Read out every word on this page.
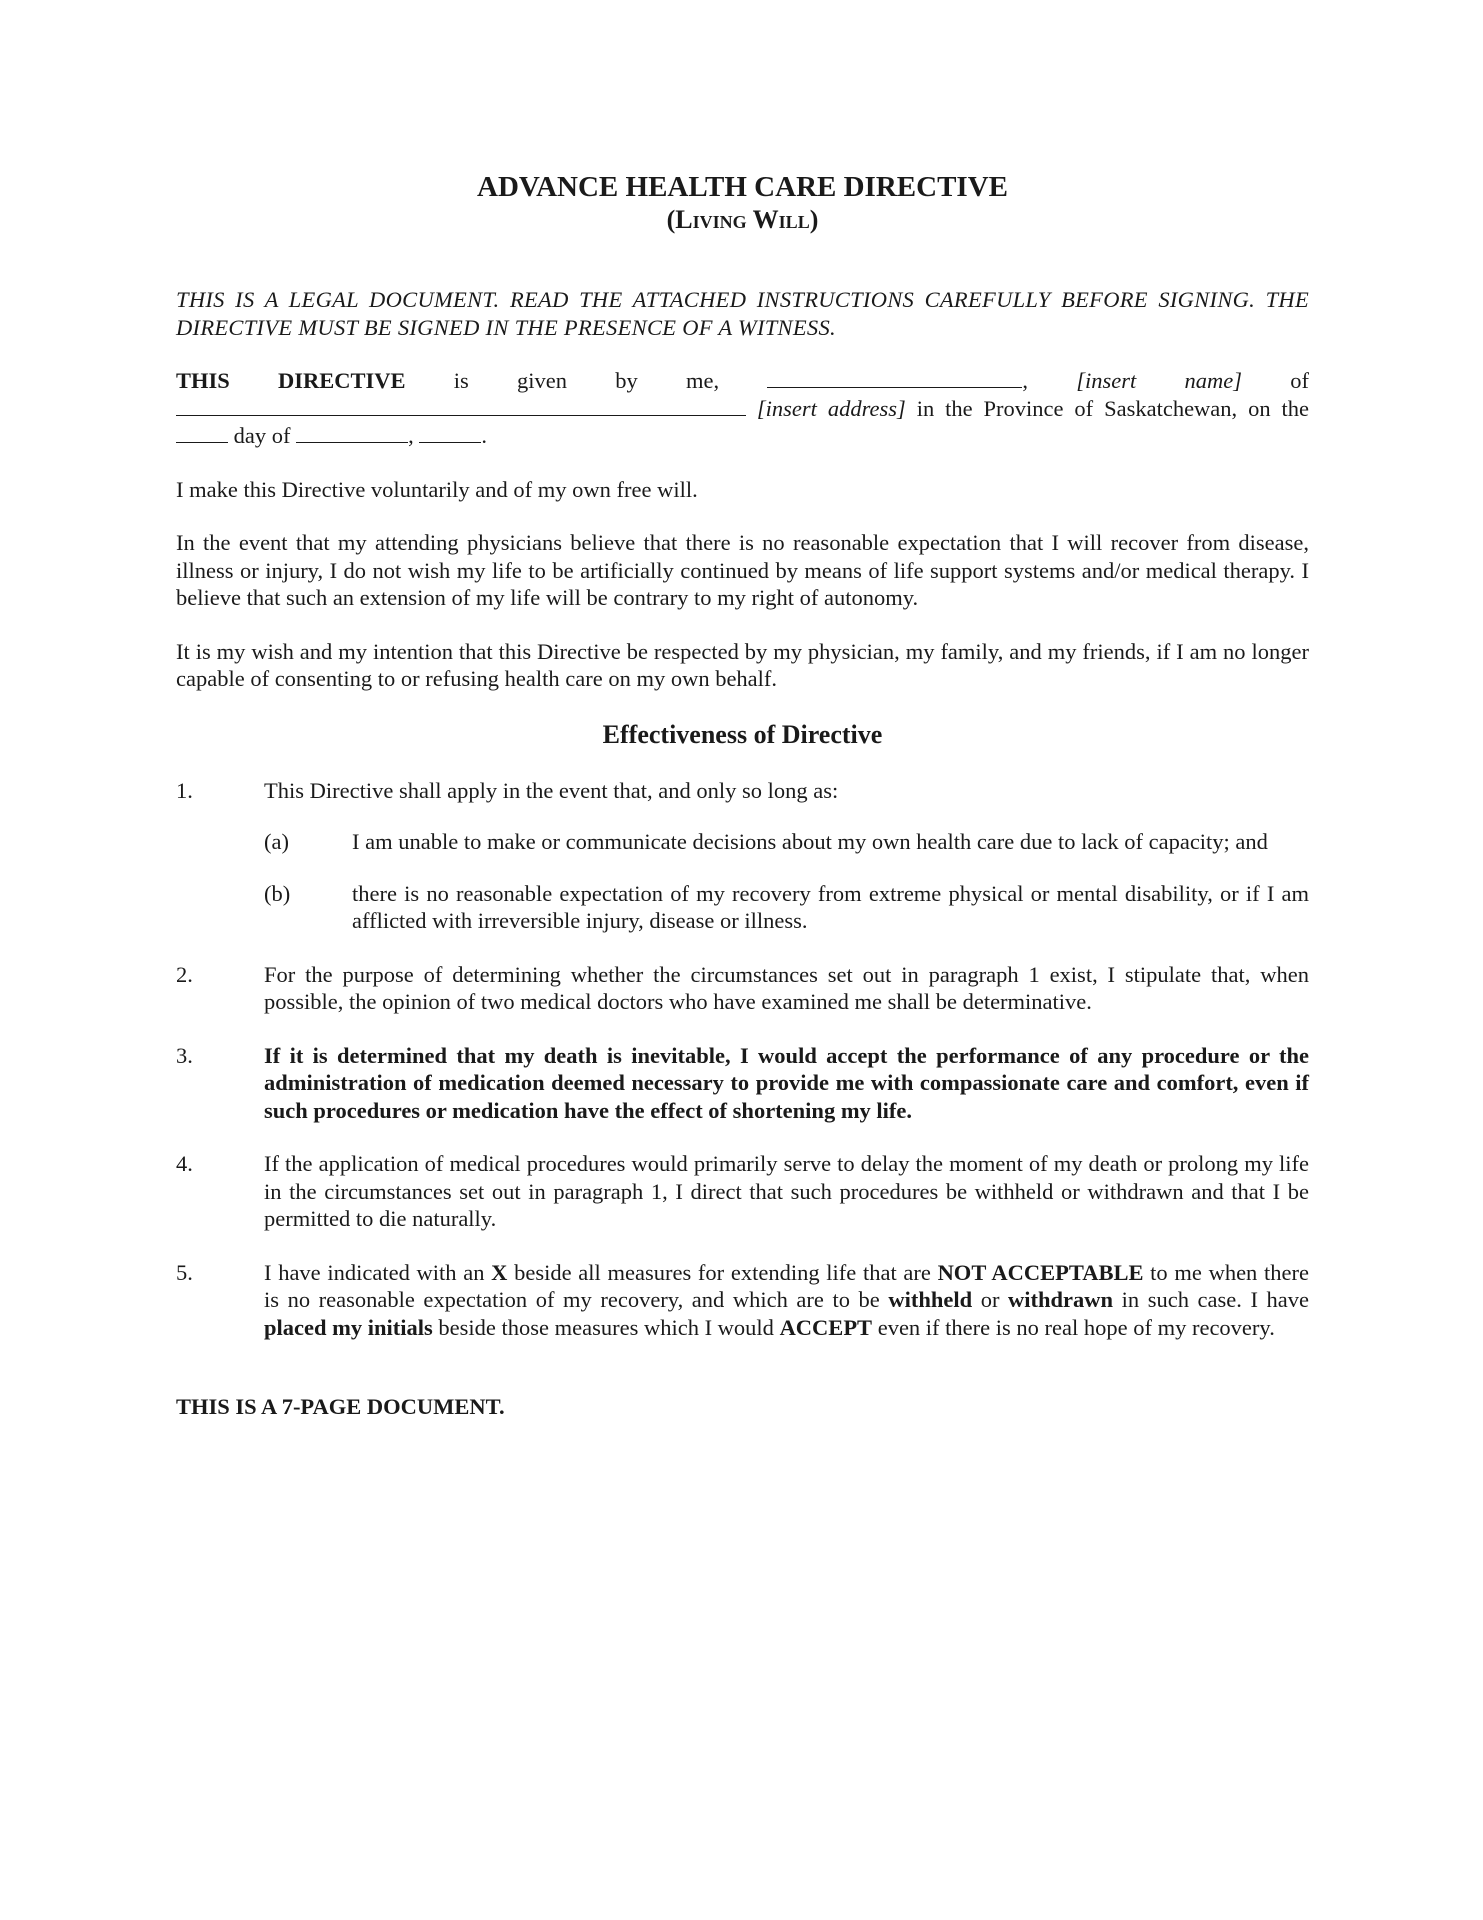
ADVANCE HEALTH CARE DIRECTIVE
(Living Will)

THIS IS A LEGAL DOCUMENT. READ THE ATTACHED INSTRUCTIONS CAREFULLY BEFORE SIGNING. THE DIRECTIVE MUST BE SIGNED IN THE PRESENCE OF A WITNESS.

THIS DIRECTIVE is given by me,	, [insert name] of  [insert address] in the Province of Saskatchewan, on the  day of	,	.

I make this Directive voluntarily and of my own free will.

In the event that my attending physicians believe that there is no reasonable expectation that I will recover from disease, illness or injury, I do not wish my life to be artificially continued by means of life support systems and/or medical therapy. I believe that such an extension of my life will be contrary to my right of autonomy.

It is my wish and my intention that this Directive be respected by my physician, my family, and my friends, if I am no longer capable of consenting to or refusing health care on my own behalf.

Effectiveness of Directive
1.	This Directive shall apply in the event that, and only so long as:
(a)	I am unable to make or communicate decisions about my own health care due to lack of capacity; and
(b)	there is no reasonable expectation of my recovery from extreme physical or mental disability, or if I am afflicted with irreversible injury, disease or illness.
2.	For the purpose of determining whether the circumstances set out in paragraph 1 exist, I stipulate that, when possible, the opinion of two medical doctors who have examined me shall be determinative.
3.	If it is determined that my death is inevitable, I would accept the performance of any procedure or the administration of medication deemed necessary to provide me with compassionate care and comfort, even if such procedures or medication have the effect of shortening my life.
4.	If the application of medical procedures would primarily serve to delay the moment of my death or prolong my life in the circumstances set out in paragraph 1, I direct that such procedures be withheld or withdrawn and that I be permitted to die naturally.
5.	I have indicated with an X beside all measures for extending life that are NOT ACCEPTABLE to me when there is no reasonable expectation of my recovery, and which are to be withheld or withdrawn in such case. I have placed my initials beside those measures which I would ACCEPT even if there is no real hope of my recovery.

THIS IS A 7-PAGE DOCUMENT.
